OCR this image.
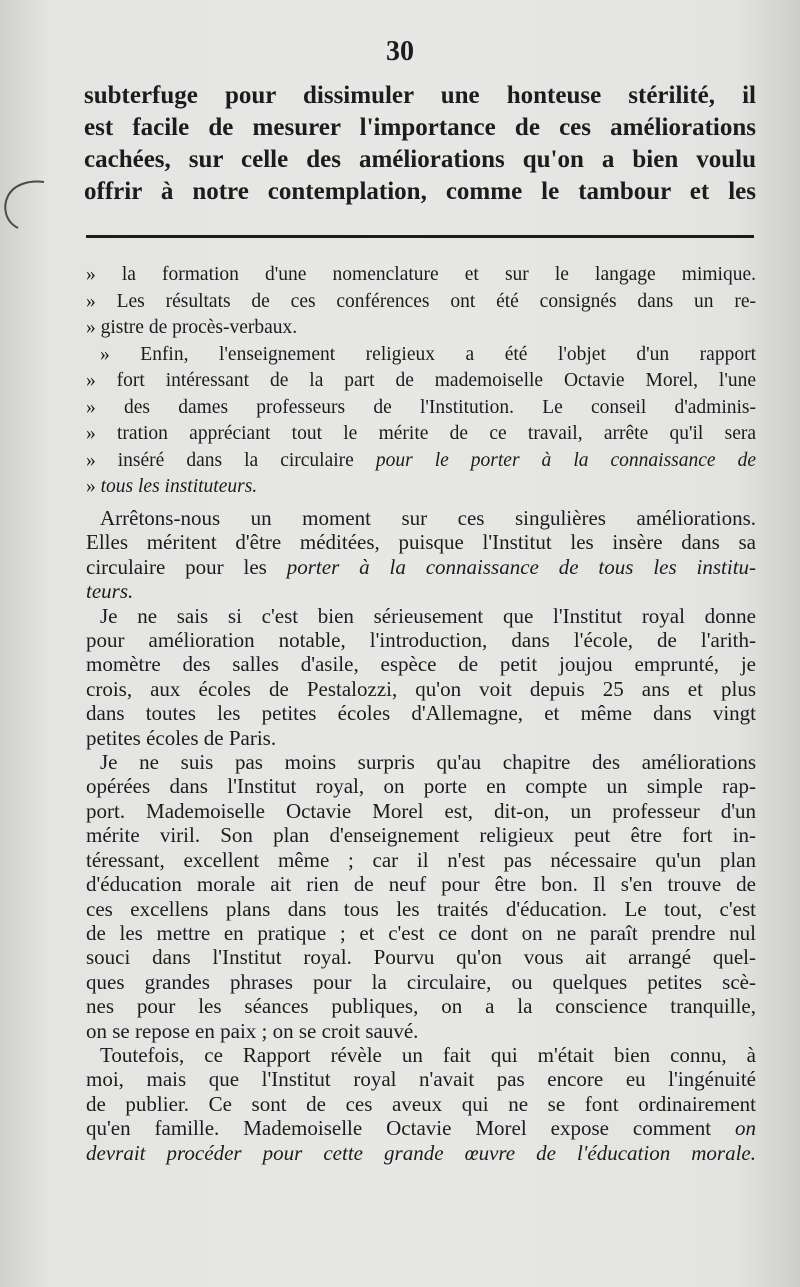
30
subterfuge pour dissimuler une honteuse stérilité, il
est facile de mesurer l'importance de ces améliorations
cachées, sur celle des améliorations qu'on a bien voulu
offrir à notre contemplation, comme le tambour et les
» la formation d'une nomenclature et sur le langage mimique.
» Les résultats de ces conférences ont été consignés dans un re-
» gistre de procès-verbaux.
» Enfin, l'enseignement religieux a été l'objet d'un rapport
» fort intéressant de la part de mademoiselle Octavie Morel, l'une
» des dames professeurs de l'Institution. Le conseil d'adminis-
» tration appréciant tout le mérite de ce travail, arrête qu'il sera
» inséré dans la circulaire pour le porter à la connaissance de
» tous les instituteurs.
Arrêtons-nous un moment sur ces singulières améliorations.
Elles méritent d'être méditées, puisque l'Institut les insère dans sa
circulaire pour les porter à la connaissance de tous les institu-
teurs.
Je ne sais si c'est bien sérieusement que l'Institut royal donne
pour amélioration notable, l'introduction, dans l'école, de l'arith-
momètre des salles d'asile, espèce de petit joujou emprunté, je
crois, aux écoles de Pestalozzi, qu'on voit depuis 25 ans et plus
dans toutes les petites écoles d'Allemagne, et même dans vingt
petites écoles de Paris.
Je ne suis pas moins surpris qu'au chapitre des améliorations
opérées dans l'Institut royal, on porte en compte un simple rap-
port. Mademoiselle Octavie Morel est, dit-on, un professeur d'un
mérite viril. Son plan d'enseignement religieux peut être fort in-
téressant, excellent même ; car il n'est pas nécessaire qu'un plan
d'éducation morale ait rien de neuf pour être bon. Il s'en trouve de
ces excellens plans dans tous les traités d'éducation. Le tout, c'est
de les mettre en pratique ; et c'est ce dont on ne paraît prendre nul
souci dans l'Institut royal. Pourvu qu'on vous ait arrangé quel-
ques grandes phrases pour la circulaire, ou quelques petites scè-
nes pour les séances publiques, on a la conscience tranquille,
on se repose en paix ; on se croit sauvé.
Toutefois, ce Rapport révèle un fait qui m'était bien connu, à
moi, mais que l'Institut royal n'avait pas encore eu l'ingénuité
de publier. Ce sont de ces aveux qui ne se font ordinairement
qu'en famille. Mademoiselle Octavie Morel expose comment on
devrait procéder pour cette grande œuvre de l'éducation morale.
